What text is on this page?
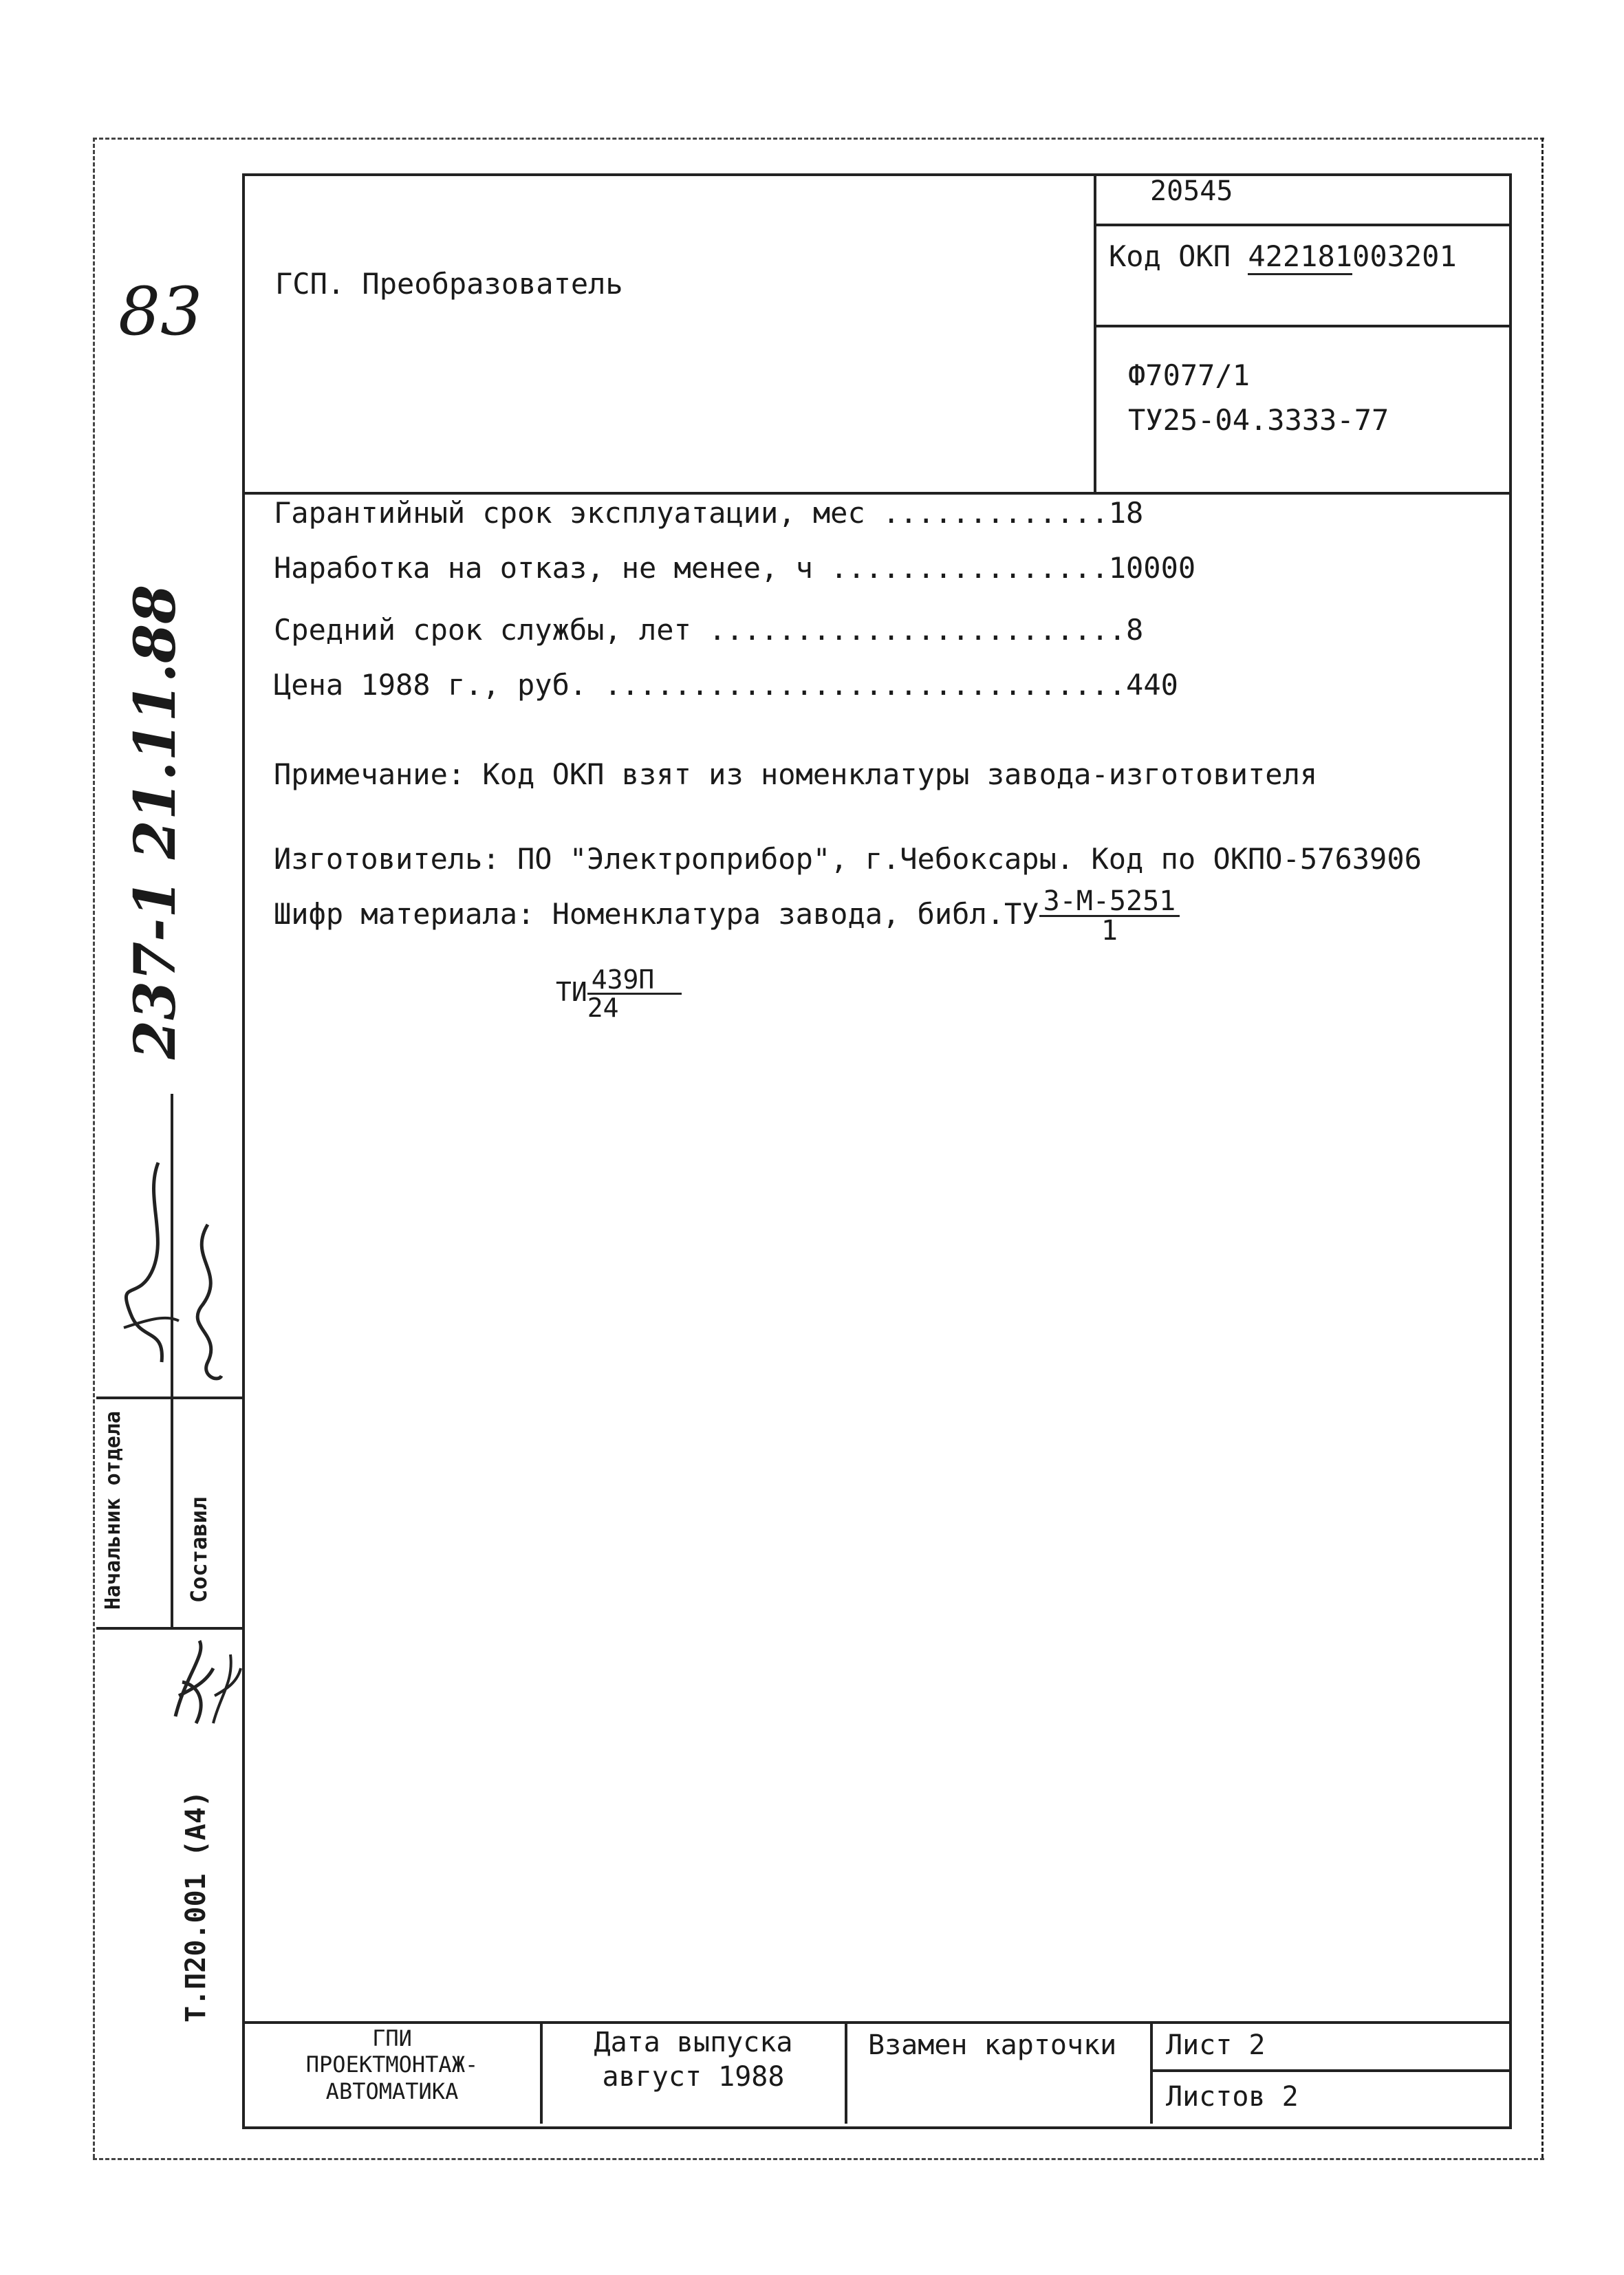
20545
ГСП. Преобразователь
Код ОКП 422181003201
Ф7077/1
ТУ25-04.3333-77
Гарантийный срок эксплуатации, мес .............18
Наработка на отказ, не менее, ч ................10000
Средний срок службы, лет ........................8
Цена 1988 г., руб. ..............................440
Примечание: Код ОКП взят из номенклатуры завода-изготовителя
Изготовитель: ПО "Электроприбор", г.Чебоксары. Код по ОКПО-5763906
Шифр материала: Номенклатура завода, библ.ТУ $\frac{3-М-5251}{1}$
ТИ $\frac{439П}{24}$
ГПИ
ПРОЕКТМОНТАЖ-
АВТОМАТИКА
Дата выпуска
август 1988
Взамен карточки Лист 2
Листов 2
83
237-1 21.11.88
Начальник отдела	Составил
Т.П20.001 (А4)
